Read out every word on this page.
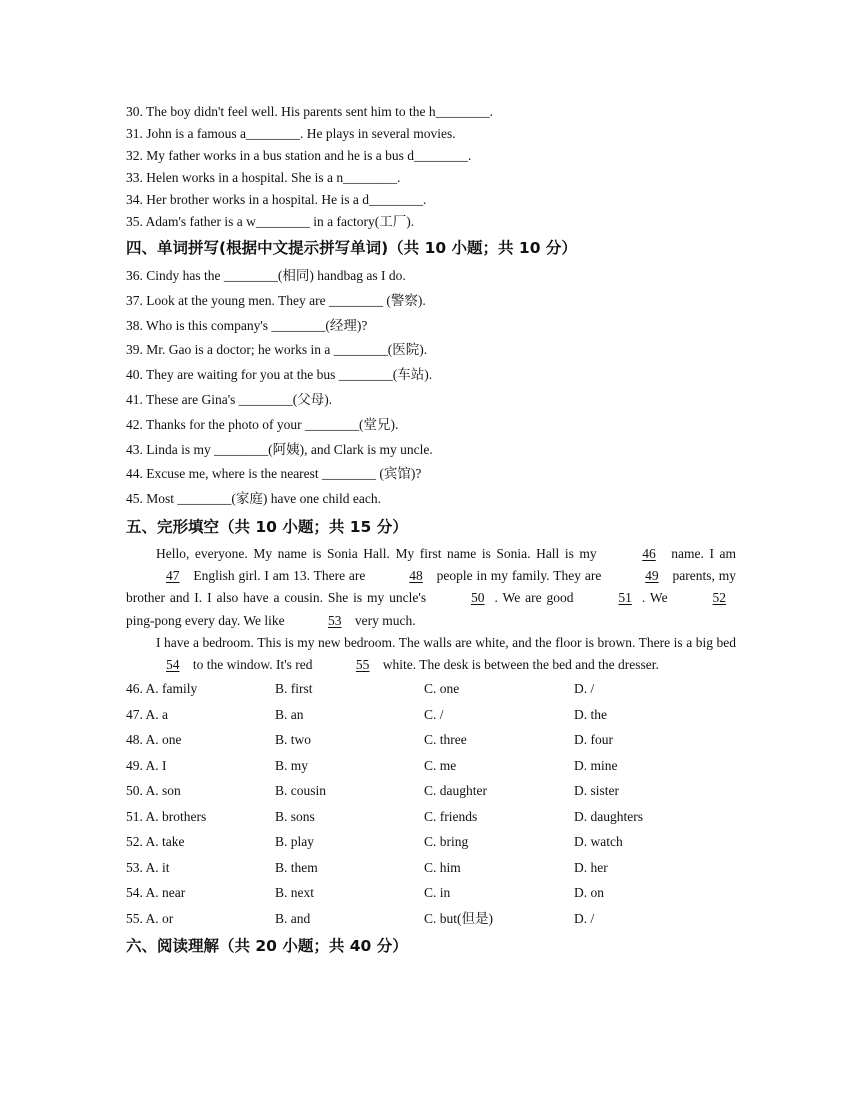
30. The boy didn't feel well. His parents sent him to the h________.
31. John is a famous a________. He plays in several movies.
32. My father works in a bus station and he is a bus d________.
33. Helen works in a hospital. She is a n________.
34. Her brother works in a hospital. He is a d________.
35. Adam's father is a w________ in a factory(工厂).
四、单词拼写(根据中文提示拼写单词)（共 10 小题；共 10 分）
36. Cindy has the ________(相同) handbag as I do.
37. Look at the young men. They are ________ (警察).
38. Who is this company's ________(经理)?
39. Mr. Gao is a doctor; he works in a ________(医院).
40. They are waiting for you at the bus ________(车站).
41. These are Gina's ________(父母).
42. Thanks for the photo of your ________(堂兄).
43. Linda is my ________(阿姨), and Clark is my uncle.
44. Excuse me, where is the nearest ________ (宾馆)?
45. Most ________(家庭) have one child each.
五、完形填空（共 10 小题；共 15 分）

Hello, everyone. My name is Sonia Hall. My first name is Sonia. Hall is my	46 name. I am 47 English girl. I am 13. There are	48 people in my family. They are	49 parents, my brother and I. I also have a cousin. She is my uncle's	50 . We are good	51 . We	52 ping-pong every day. We like	53 very much.

I have a bedroom. This is my new bedroom. The walls are white, and the floor is brown. There is a big bed 54 to the window. It's red	55 white. The desk is between the bed and the dresser.

46. A. family	B. first	C. one	D. /
47. A. a	B. an	C. /	D. the
48. A. one	B. two	C. three	D. four
49. A. I	B. my	C. me	D. mine
50. A. son	B. cousin	C. daughter	D. sister
51. A. brothers	B. sons	C. friends	D. daughters
52. A. take	B. play	C. bring	D. watch
53. A. it	B. them	C. him	D. her
54. A. near	B. next	C. in	D. on
55. A. or	B. and	C. but(但是)	D. /
六、阅读理解（共 20 小题；共 40 分）
